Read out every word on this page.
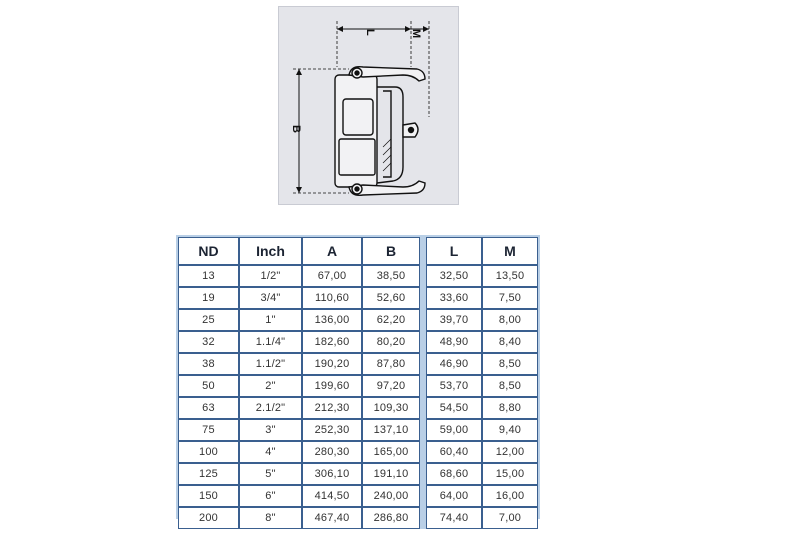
L	M
B
ND	Inch	A	B		L	M
13	1/2"	67,00	38,50		32,50	13,50
19	3/4"	110,60	52,60		33,60	7,50
25	1"	136,00	62,20		39,70	8,00
32	1.1/4"	182,60	80,20		48,90	8,40
38	1.1/2"	190,20	87,80		46,90	8,50
50	2"	199,60	97,20		53,70	8,50
63	2.1/2"	212,30	109,30		54,50	8,80
75	3"	252,30	137,10		59,00	9,40
100	4"	280,30	165,00		60,40	12,00
125	5"	306,10	191,10		68,60	15,00
150	6"	414,50	240,00		64,00	16,00
200	8"	467,40	286,80		74,40	7,00
